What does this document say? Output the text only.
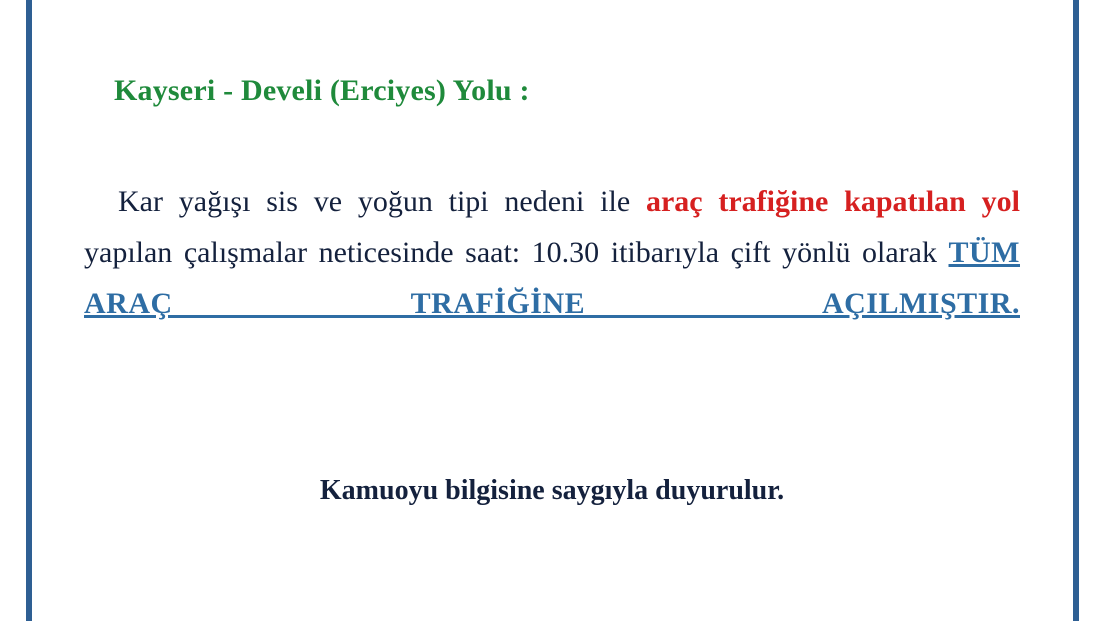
Kayseri - Develi (Erciyes) Yolu :
Kar yağışı sis ve yoğun tipi nedeni ile araç trafiğine kapatılan yol yapılan çalışmalar neticesinde saat: 10.30 itibarıyla çift yönlü olarak TÜM ARAÇ TRAFİĞİNE AÇILMIŞTIR.
Kamuoyu bilgisine saygıyla duyurulur.
